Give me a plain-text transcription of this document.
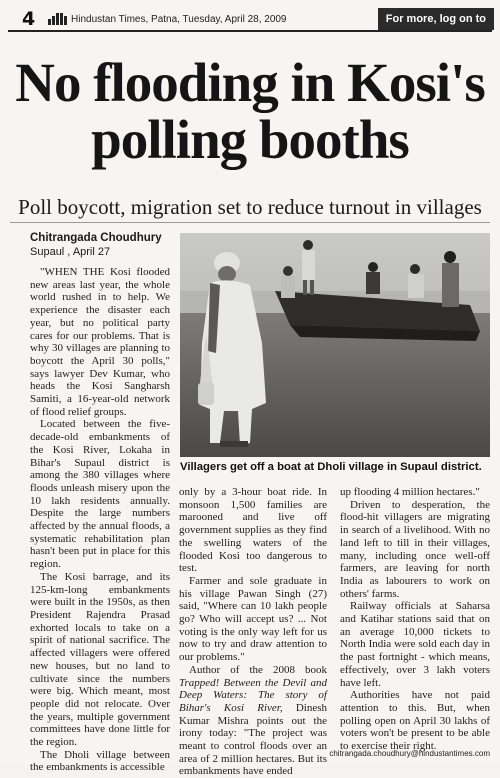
4	Hindustan Times, Patna, Tuesday, April 28, 2009	For more, log on to
No flooding in Kosi's
polling booths
Poll boycott, migration set to reduce turnout in villages
Chitrangada Choudhury
Supaul , April 27

"WHEN THE Kosi flooded new areas last year, the whole world rushed in to help. We experience the disaster each year, but no political party cares for our problems. That is why 30 villages are planning to boycott the April 30 polls," says lawyer Dev Kumar, who heads the Kosi Sangharsh Samiti, a 16-year-old network of flood relief groups.

Located between the five-decade-old embankments of the Kosi River, Lokaha in Bihar's Supaul district is among the 380 villages where floods unleash misery upon the 10 lakh residents annually. Despite the large numbers affected by the annual floods, a systematic rehabilitation plan hasn't been put in place for this region.

The Kosi barrage, and its 125-km-long embankments were built in the 1950s, as then President Rajendra Prasad exhorted locals to take on a spirit of national sacrifice. The affected villagers were offered new houses, but no land to cultivate since the numbers were big. Which meant, most people did not relocate. Over the years, multiple government committees have done little for the region.

The Dholi village between the embankments is accessible

Villagers get off a boat at Dholi village in Supaul district.

only by a 3-hour boat ride. In monsoon 1,500 families are marooned and live off government supplies as they find the swelling waters of the flooded Kosi too dangerous to test.

Farmer and sole graduate in his village Pawan Singh (27) said, "Where can 10 lakh people go? Who will accept us? ... Not voting is the only way left for us now to try and draw attention to our problems."

Author of the 2008 book Trapped! Between the Devil and Deep Waters: The story of Bihar's Kosi River, Dinesh Kumar Mishra points out the irony today: "The project was meant to control floods over an area of 2 million hectares. But its embankments have ended

up flooding 4 million hectares."

Driven to desperation, the flood-hit villagers are migrating in search of a livelihood. With no land left to till in their villages, many, including once well-off farmers, are leaving for north India as labourers to work on others' farms.

Railway officials at Saharsa and Katihar stations said that on an average 10,000 tickets to North India were sold each day in the past fortnight - which means, effectively, over 3 lakh voters have left.

Authorities have not paid attention to this. But, when polling open on April 30 lakhs of voters won't be present to be able to exercise their right.

chitrangada.choudhury@hindustantimes.com
